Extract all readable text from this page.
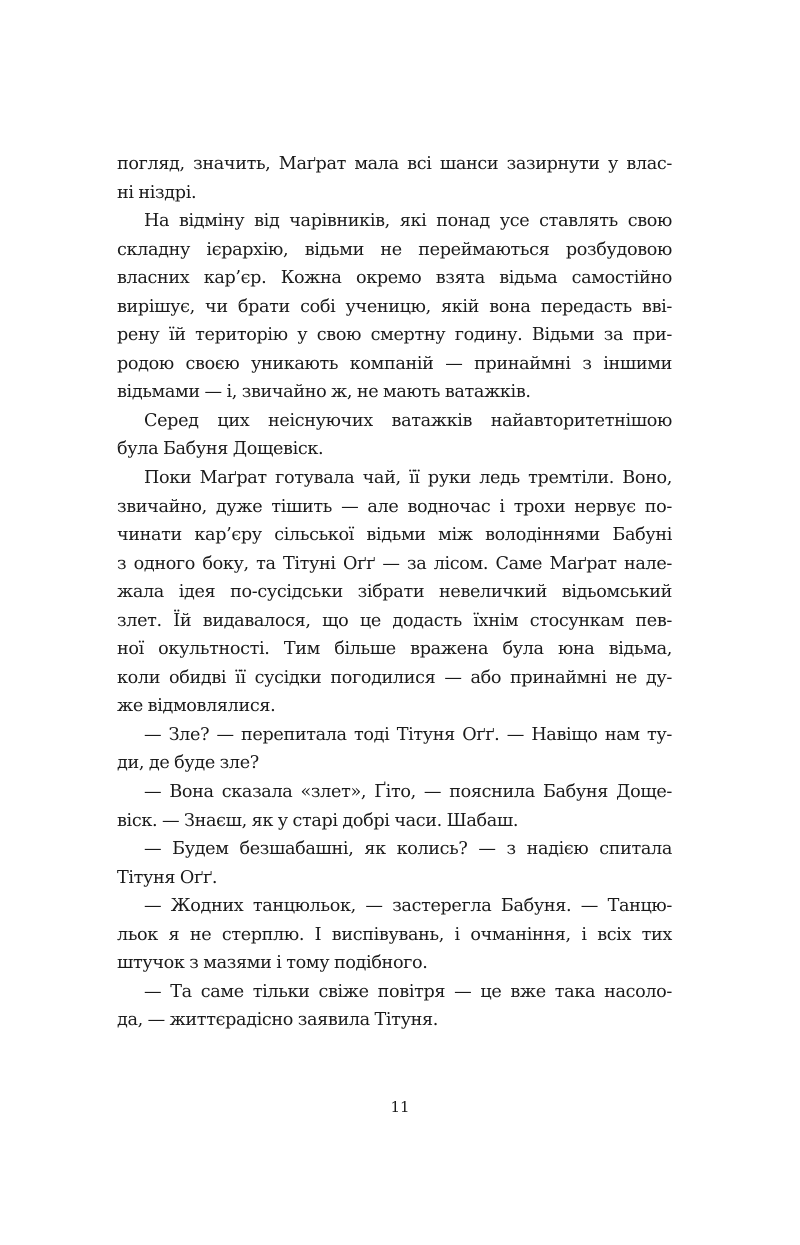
погляд, значить, Маґрат мала всі шанси зазирнути у влас-
ні ніздрі.
На відміну від чарівників, які понад усе ставлять свою
складну ієрархію, відьми не переймаються розбудовою
власних кар’єр. Кожна окремо взята відьма самостійно
вирішує, чи брати собі ученицю, якій вона передасть вві-
рену їй територію у свою смертну годину. Відьми за при-
родою своєю уникають компаній — принаймні з іншими
відьмами — і, звичайно ж, не мають ватажків.
Серед цих неіснуючих ватажків найавторитетнішою
була Бабуня Дощевіск.
Поки Маґрат готувала чай, її руки ледь тремтіли. Воно,
звичайно, дуже тішить — але водночас і трохи нервує по-
чинати кар’єру сільської відьми між володіннями Бабуні
з одного боку, та Тітуні Оґґ — за лісом. Саме Маґрат нале-
жала ідея по-сусідськи зібрати невеличкий відьомський
злет. Їй видавалося, що це додасть їхнім стосункам пев-
ної окультності. Тим більше вражена була юна відьма,
коли обидві її сусідки погодилися — або принаймні не ду-
же відмовлялися.
— Зле? — перепитала тоді Тітуня Оґґ. — Навіщо нам ту-
ди, де буде зле?
— Вона сказала «злет», Ґіто, — пояснила Бабуня Доще-
віск. — Знаєш, як у старі добрі часи. Шабаш.
— Будем безшабашні, як колись? — з надією спитала
Тітуня Оґґ.
— Жодних танцюльок, — застерегла Бабуня. — Танцю-
льок я не стерплю. І виспівувань, і очманіння, і всіх тих
штучок з мазями і тому подібного.
— Та саме тільки свіже повітря — це вже така насоло-
да, — життєрадісно заявила Тітуня.
11
